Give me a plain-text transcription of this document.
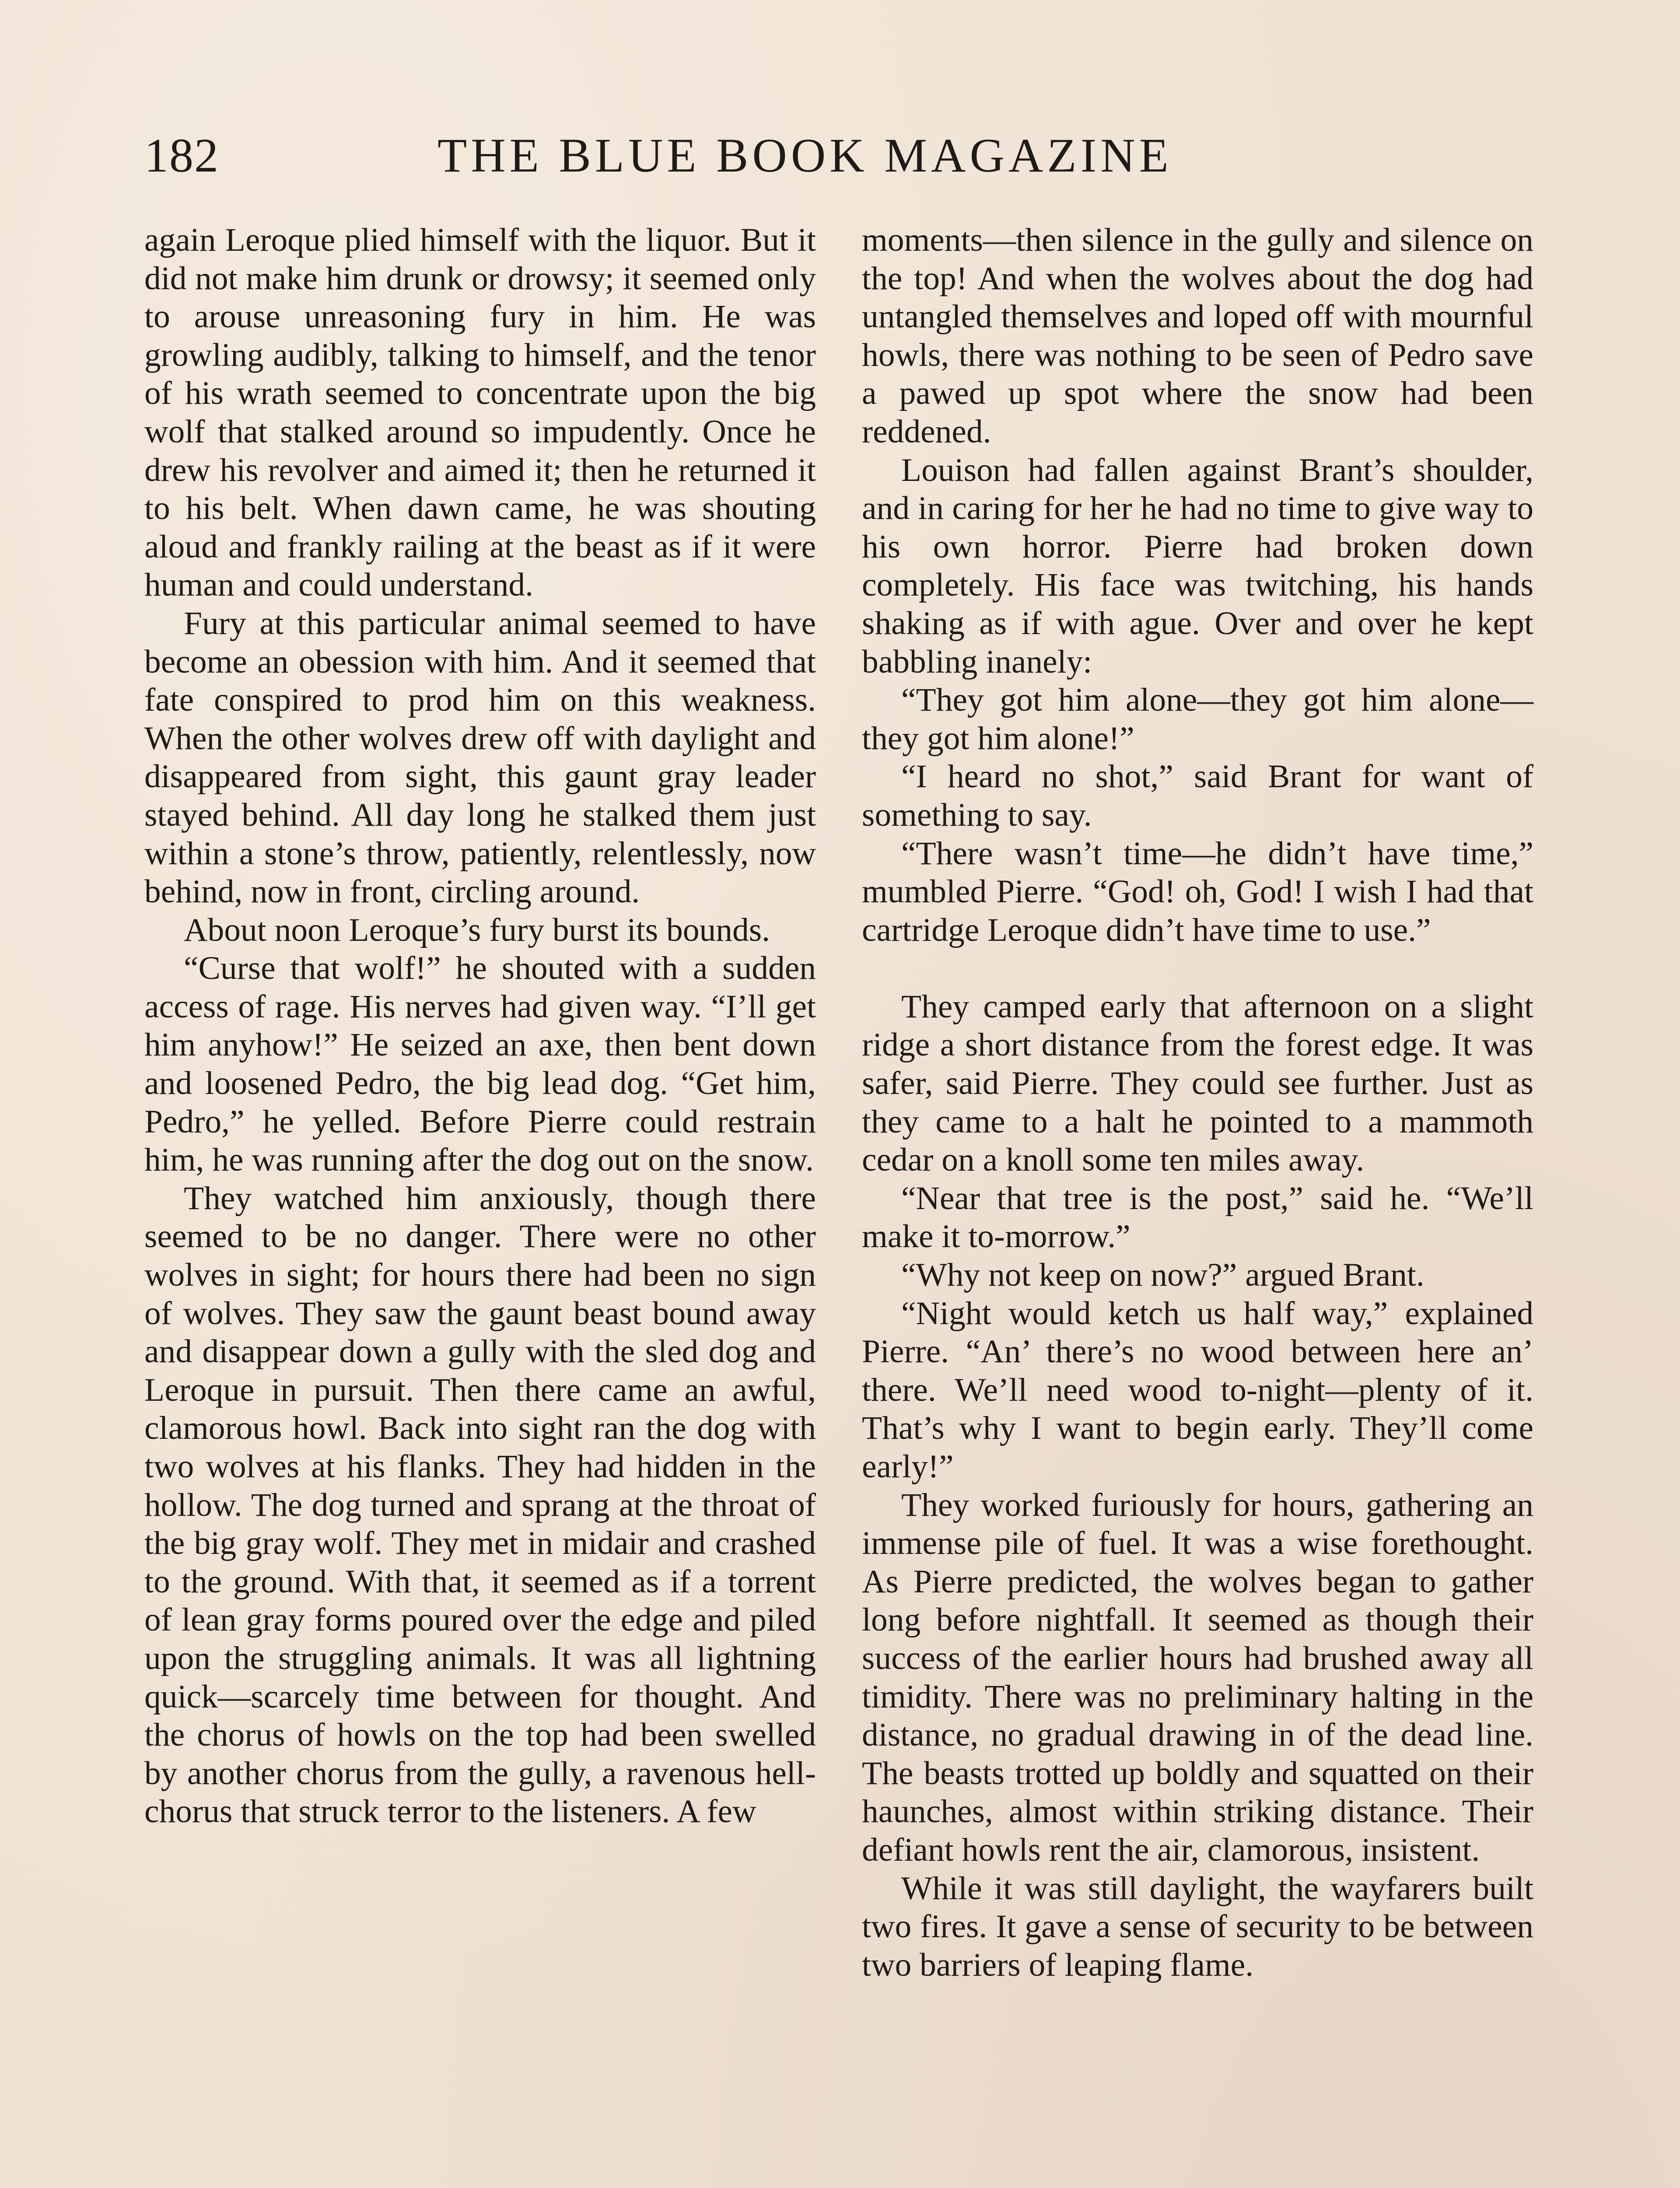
182	THE BLUE BOOK MAGAZINE

again Leroque plied himself with the liquor. But it did not make him drunk or drowsy; it seemed only to arouse unreasoning fury in him. He was growling audibly, talking to himself, and the tenor of his wrath seemed to concentrate upon the big wolf that stalked around so impudently. Once he drew his revolver and aimed it; then he returned it to his belt. When dawn came, he was shouting aloud and frankly railing at the beast as if it were human and could understand.

Fury at this particular animal seemed to have become an obession with him. And it seemed that fate conspired to prod him on this weakness. When the other wolves drew off with daylight and disappeared from sight, this gaunt gray leader stayed behind. All day long he stalked them just within a stone’s throw, patiently, relentlessly, now behind, now in front, circling around.

About noon Leroque’s fury burst its bounds.

“Curse that wolf!” he shouted with a sudden access of rage. His nerves had given way. “I’ll get him anyhow!” He seized an axe, then bent down and loosened Pedro, the big lead dog. “Get him, Pedro,” he yelled. Before Pierre could restrain him, he was running after the dog out on the snow.

They watched him anxiously, though there seemed to be no danger. There were no other wolves in sight; for hours there had been no sign of wolves. They saw the gaunt beast bound away and disappear down a gully with the sled dog and Leroque in pursuit. Then there came an awful, clamorous howl. Back into sight ran the dog with two wolves at his flanks. They had hidden in the hollow. The dog turned and sprang at the throat of the big gray wolf. They met in midair and crashed to the ground. With that, it seemed as if a torrent of lean gray forms poured over the edge and piled upon the struggling animals. It was all lightning quick—scarcely time between for thought. And the chorus of howls on the top had been swelled by another chorus from the gully, a ravenous hell-chorus that struck terror to the listeners. A few

moments—then silence in the gully and silence on the top! And when the wolves about the dog had untangled themselves and loped off with mournful howls, there was nothing to be seen of Pedro save a pawed up spot where the snow had been reddened.

Louison had fallen against Brant’s shoulder, and in caring for her he had no time to give way to his own horror. Pierre had broken down completely. His face was twitching, his hands shaking as if with ague. Over and over he kept babbling inanely:

“They got him alone—they got him alone—they got him alone!”

“I heard no shot,” said Brant for want of something to say.

“There wasn’t time—he didn’t have time,” mumbled Pierre. “God! oh, God! I wish I had that cartridge Leroque didn’t have time to use.”

They camped early that afternoon on a slight ridge a short distance from the forest edge. It was safer, said Pierre. They could see further. Just as they came to a halt he pointed to a mammoth cedar on a knoll some ten miles away.

“Near that tree is the post,” said he. “We’ll make it to-morrow.”

“Why not keep on now?” argued Brant.

“Night would ketch us half way,” explained Pierre. “An’ there’s no wood between here an’ there. We’ll need wood to-night—plenty of it. That’s why I want to begin early. They’ll come early!”

They worked furiously for hours, gathering an immense pile of fuel. It was a wise forethought. As Pierre predicted, the wolves began to gather long before nightfall. It seemed as though their success of the earlier hours had brushed away all timidity. There was no preliminary halting in the distance, no gradual drawing in of the dead line. The beasts trotted up boldly and squatted on their haunches, almost within striking distance. Their defiant howls rent the air, clamorous, insistent.

While it was still daylight, the wayfarers built two fires. It gave a sense of security to be between two barriers of leaping flame.
